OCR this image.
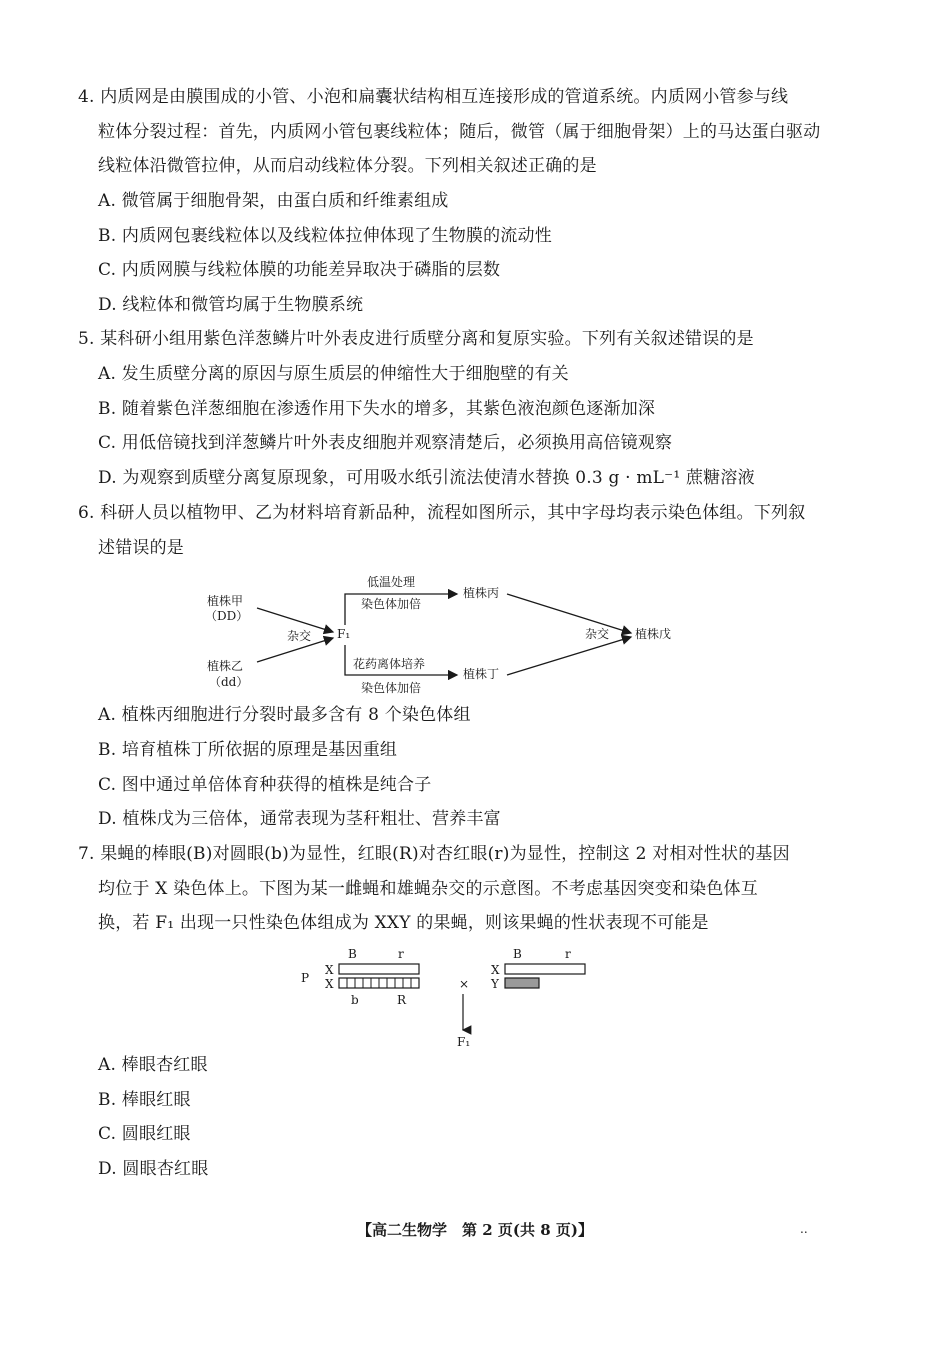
4. 内质网是由膜围成的小管、小泡和扁囊状结构相互连接形成的管道系统。内质网小管参与线
粒体分裂过程：首先，内质网小管包裹线粒体；随后，微管（属于细胞骨架）上的马达蛋白驱动
线粒体沿微管拉伸，从而启动线粒体分裂。下列相关叙述正确的是
A. 微管属于细胞骨架，由蛋白质和纤维素组成
B. 内质网包裹线粒体以及线粒体拉伸体现了生物膜的流动性
C. 内质网膜与线粒体膜的功能差异取决于磷脂的层数
D. 线粒体和微管均属于生物膜系统
5. 某科研小组用紫色洋葱鳞片叶外表皮进行质壁分离和复原实验。下列有关叙述错误的是
A. 发生质壁分离的原因与原生质层的伸缩性大于细胞壁的有关
B. 随着紫色洋葱细胞在渗透作用下失水的增多，其紫色液泡颜色逐渐加深
C. 用低倍镜找到洋葱鳞片叶外表皮细胞并观察清楚后，必须换用高倍镜观察
D. 为观察到质壁分离复原现象，可用吸水纸引流法使清水替换 0.3 g · mL⁻¹ 蔗糖溶液
6. 科研人员以植物甲、乙为材料培育新品种，流程如图所示，其中字母均表示染色体组。下列叙
述错误的是
植株甲
（DD）
植株乙
（dd）
杂交 F₁
低温处理
染色体加倍
植株丙
花药离体培养
染色体加倍
植株丁
杂交 植株戊
A. 植株丙细胞进行分裂时最多含有 8 个染色体组
B. 培育植株丁所依据的原理是基因重组
C. 图中通过单倍体育种获得的植株是纯合子
D. 植株戊为三倍体，通常表现为茎秆粗壮、营养丰富
7. 果蝇的棒眼(B)对圆眼(b)为显性，红眼(R)对杏红眼(r)为显性，控制这 2 对相对性状的基因
均位于 X 染色体上。下图为某一雌蝇和雄蝇杂交的示意图。不考虑基因突变和染色体互
换，若 F₁ 出现一只性染色体组成为 XXY 的果蝇，则该果蝇的性状表现不可能是
P
X
X
B	r
b	R
×
X
Y
B	r
F₁
A. 棒眼杏红眼
B. 棒眼红眼
C. 圆眼红眼
D. 圆眼杏红眼
【高二生物学　第 2 页(共 8 页)】	..
